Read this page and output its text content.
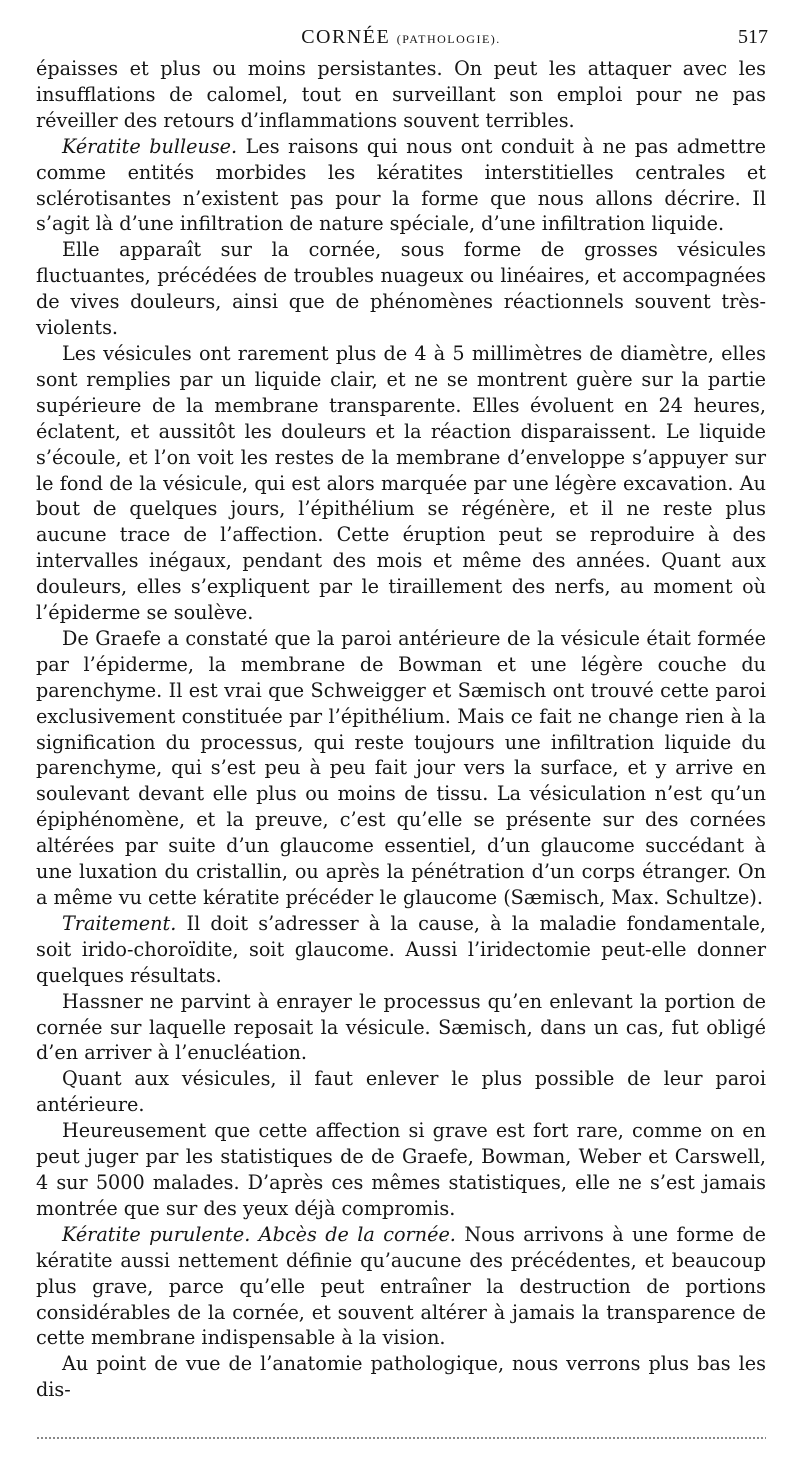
CORNÉE (PATHOLOGIE).	517

épaisses et plus ou moins persistantes. On peut les attaquer avec les insufflations de calomel, tout en surveillant son emploi pour ne pas réveiller des retours d’inflammations souvent terribles.

Kératite bulleuse. Les raisons qui nous ont conduit à ne pas admettre comme entités morbides les kératites interstitielles centrales et sclérotisantes n’existent pas pour la forme que nous allons décrire. Il s’agit là d’une infiltration de nature spéciale, d’une infiltration liquide.

Elle apparaît sur la cornée, sous forme de grosses vésicules fluctuantes, précédées de troubles nuageux ou linéaires, et accompagnées de vives douleurs, ainsi que de phénomènes réactionnels souvent très-violents.

Les vésicules ont rarement plus de 4 à 5 millimètres de diamètre, elles sont remplies par un liquide clair, et ne se montrent guère sur la partie supérieure de la membrane transparente. Elles évoluent en 24 heures, éclatent, et aussitôt les douleurs et la réaction disparaissent. Le liquide s’écoule, et l’on voit les restes de la membrane d’enveloppe s’appuyer sur le fond de la vésicule, qui est alors marquée par une légère excavation. Au bout de quelques jours, l’épithélium se régénère, et il ne reste plus aucune trace de l’affection. Cette éruption peut se reproduire à des intervalles inégaux, pendant des mois et même des années. Quant aux douleurs, elles s’expliquent par le tiraillement des nerfs, au moment où l’épiderme se soulève.

De Graefe a constaté que la paroi antérieure de la vésicule était formée par l’épiderme, la membrane de Bowman et une légère couche du parenchyme. Il est vrai que Schweigger et Sæmisch ont trouvé cette paroi exclusivement constituée par l’épithélium. Mais ce fait ne change rien à la signification du processus, qui reste toujours une infiltration liquide du parenchyme, qui s’est peu à peu fait jour vers la surface, et y arrive en soulevant devant elle plus ou moins de tissu. La vésiculation n’est qu’un épiphénomène, et la preuve, c’est qu’elle se présente sur des cornées altérées par suite d’un glaucome essentiel, d’un glaucome succédant à une luxation du cristallin, ou après la pénétration d’un corps étranger. On a même vu cette kératite précéder le glaucome (Sæmisch, Max. Schultze).

Traitement. Il doit s’adresser à la cause, à la maladie fondamentale, soit irido-choroïdite, soit glaucome. Aussi l’iridectomie peut-elle donner quelques résultats.

Hassner ne parvint à enrayer le processus qu’en enlevant la portion de cornée sur laquelle reposait la vésicule. Sæmisch, dans un cas, fut obligé d’en arriver à l’enucléation.

Quant aux vésicules, il faut enlever le plus possible de leur paroi antérieure.

Heureusement que cette affection si grave est fort rare, comme on en peut juger par les statistiques de de Graefe, Bowman, Weber et Carswell, 4 sur 5000 malades. D’après ces mêmes statistiques, elle ne s’est jamais montrée que sur des yeux déjà compromis.

Kératite purulente. Abcès de la cornée. Nous arrivons à une forme de kératite aussi nettement définie qu’aucune des précédentes, et beaucoup plus grave, parce qu’elle peut entraîner la destruction de portions considérables de la cornée, et souvent altérer à jamais la transparence de cette membrane indispensable à la vision.

Au point de vue de l’anatomie pathologique, nous verrons plus bas les dis-
